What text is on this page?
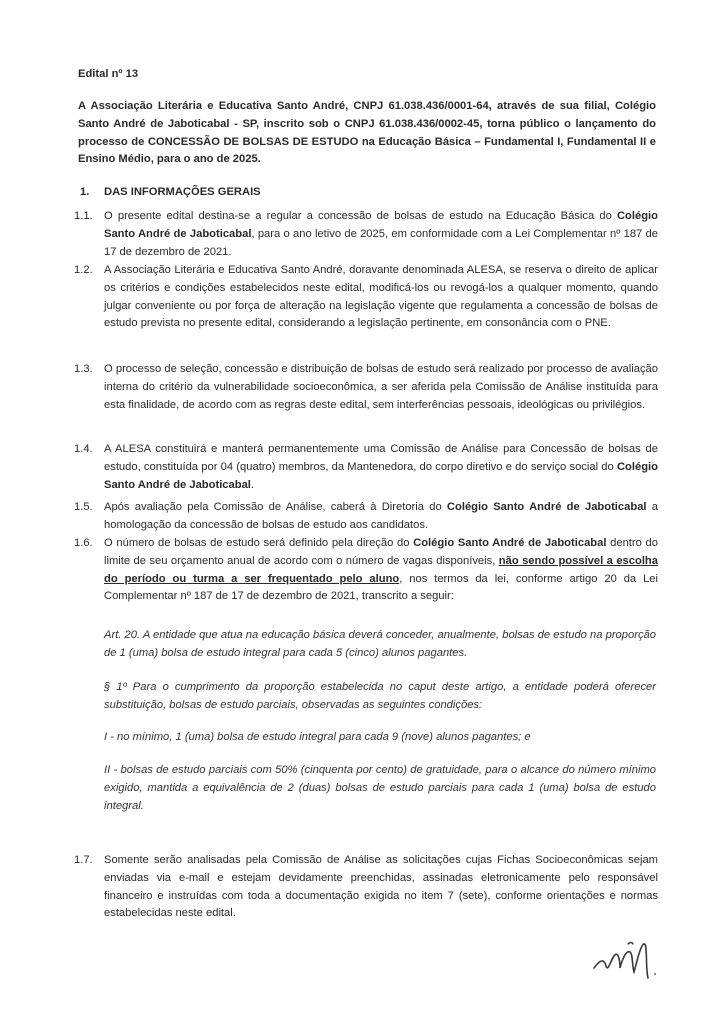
Edital nº 13
A Associação Literária e Educativa Santo André, CNPJ 61.038.436/0001-64, através de sua filial, Colégio Santo André de Jaboticabal - SP, inscrito sob o CNPJ 61.038.436/0002-45, torna público o lançamento do processo de CONCESSÃO DE BOLSAS DE ESTUDO na Educação Básica – Fundamental I, Fundamental II e Ensino Médio, para o ano de 2025.
1. DAS INFORMAÇÕES GERAIS
1.1.	O presente edital destina-se a regular a concessão de bolsas de estudo na Educação Básica do Colégio Santo André de Jaboticabal, para o ano letivo de 2025, em conformidade com a Lei Complementar nº 187 de 17 de dezembro de 2021.
1.2.	A Associação Literária e Educativa Santo André, doravante denominada ALESA, se reserva o direito de aplicar os critérios e condições estabelecidos neste edital, modificá-los ou revogá-los a qualquer momento, quando julgar conveniente ou por força de alteração na legislação vigente que regulamenta a concessão de bolsas de estudo prevista no presente edital, considerando a legislação pertinente, em consonância com o PNE.
1.3.	O processo de seleção, concessão e distribuição de bolsas de estudo será realizado por processo de avaliação interna do critério da vulnerabilidade socioeconômica, a ser aferida pela Comissão de Análise instituída para esta finalidade, de acordo com as regras deste edital, sem interferências pessoais, ideológicas ou privilégios.
1.4.	A ALESA constituirá e manterá permanentemente uma Comissão de Análise para Concessão de bolsas de estudo, constituída por 04 (quatro) membros, da Mantenedora, do corpo diretivo e do serviço social do Colégio Santo André de Jaboticabal.
1.5.	Após avaliação pela Comissão de Análise, caberá à Diretoria do Colégio Santo André de Jaboticabal a homologação da concessão de bolsas de estudo aos candidatos.
1.6.	O número de bolsas de estudo será definido pela direção do Colégio Santo André de Jaboticabal dentro do limite de seu orçamento anual de acordo com o número de vagas disponíveis, não sendo possível a escolha do período ou turma a ser frequentado pelo aluno, nos termos da lei, conforme artigo 20 da Lei Complementar nº 187 de 17 de dezembro de 2021, transcrito a seguir:
Art. 20. A entidade que atua na educação básica deverá conceder, anualmente, bolsas de estudo na proporção de 1 (uma) bolsa de estudo integral para cada 5 (cinco) alunos pagantes.
§ 1º Para o cumprimento da proporção estabelecida no caput deste artigo, a entidade poderá oferecer substituição, bolsas de estudo parciais, observadas as seguintes condições:
I - no mínimo, 1 (uma) bolsa de estudo integral para cada 9 (nove) alunos pagantes; e
II - bolsas de estudo parciais com 50% (cinquenta por cento) de gratuidade, para o alcance do número mínimo exigido, mantida a equivalência de 2 (duas) bolsas de estudo parciais para cada 1 (uma) bolsa de estudo integral.
1.7.	Somente serão analisadas pela Comissão de Análise as solicitações cujas Fichas Socioeconômicas sejam enviadas via e-mail e estejam devidamente preenchidas, assinadas eletronicamente pelo responsável financeiro e instruídas com toda a documentação exigida no item 7 (sete), conforme orientações e normas estabelecidas neste edital.
